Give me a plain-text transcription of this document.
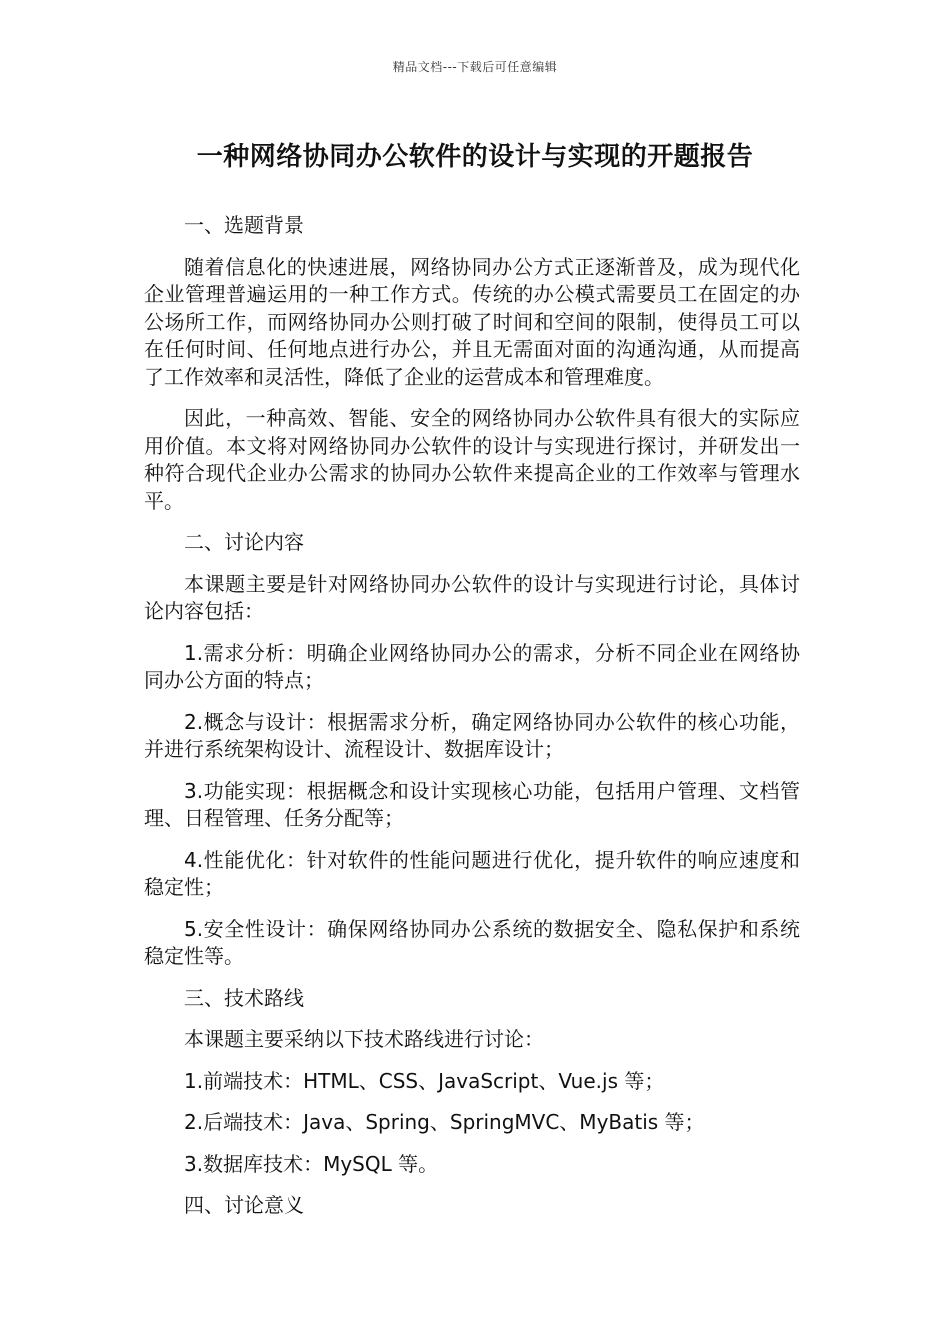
精品文档---下载后可任意编辑
一种网络协同办公软件的设计与实现的开题报告

一、选题背景

随着信息化的快速进展，网络协同办公方式正逐渐普及，成为现代化企业管理普遍运用的一种工作方式。传统的办公模式需要员工在固定的办公场所工作，而网络协同办公则打破了时间和空间的限制，使得员工可以在任何时间、任何地点进行办公，并且无需面对面的沟通沟通，从而提高了工作效率和灵活性，降低了企业的运营成本和管理难度。

因此，一种高效、智能、安全的网络协同办公软件具有很大的实际应用价值。本文将对网络协同办公软件的设计与实现进行探讨，并研发出一种符合现代企业办公需求的协同办公软件来提高企业的工作效率与管理水平。

二、讨论内容

本课题主要是针对网络协同办公软件的设计与实现进行讨论，具体讨论内容包括：

1.需求分析：明确企业网络协同办公的需求，分析不同企业在网络协同办公方面的特点；

2.概念与设计：根据需求分析，确定网络协同办公软件的核心功能，并进行系统架构设计、流程设计、数据库设计；

3.功能实现：根据概念和设计实现核心功能，包括用户管理、文档管理、日程管理、任务分配等；

4.性能优化：针对软件的性能问题进行优化，提升软件的响应速度和稳定性；

5.安全性设计：确保网络协同办公系统的数据安全、隐私保护和系统稳定性等。

三、技术路线

本课题主要采纳以下技术路线进行讨论：

1.前端技术：HTML、CSS、JavaScript、Vue.js 等；

2.后端技术：Java、Spring、SpringMVC、MyBatis 等；

3.数据库技术：MySQL 等。

四、讨论意义
